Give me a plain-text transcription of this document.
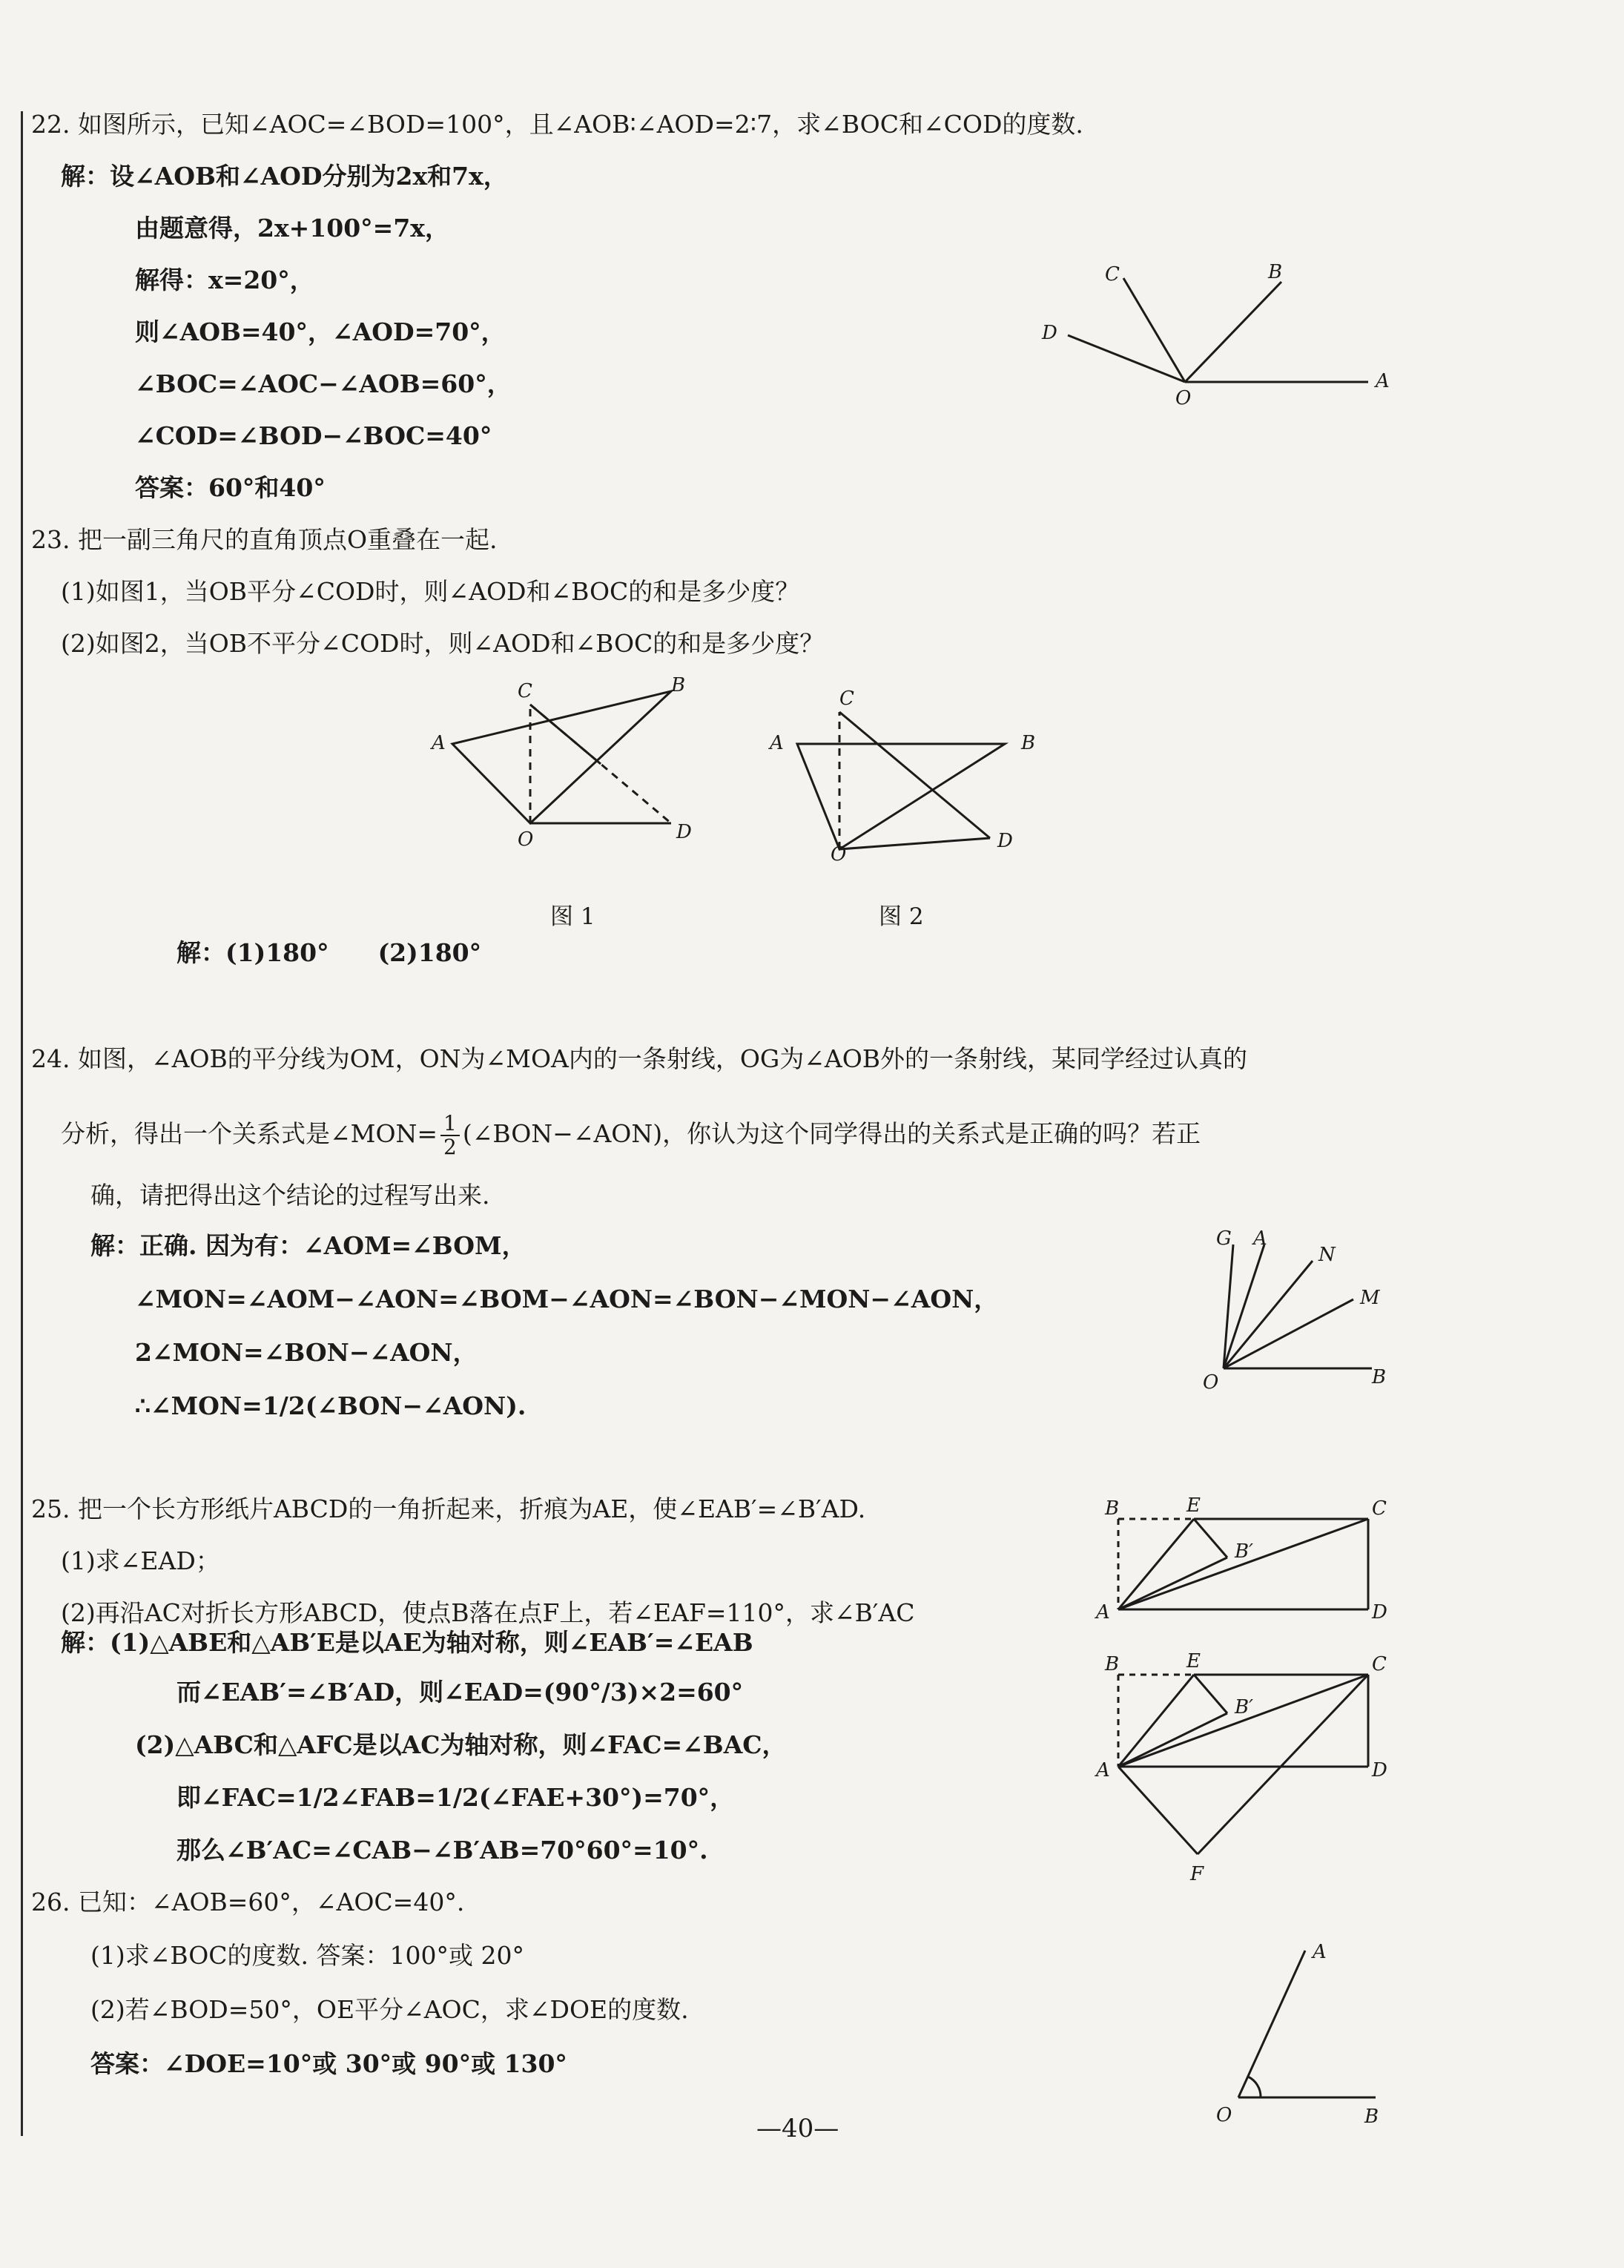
22. 如图所示，已知∠AOC=∠BOD=100°，且∠AOB∶∠AOD=2∶7，求∠BOC和∠COD的度数.
解：设∠AOB和∠AOD分别为2x和7x，
由题意得，2x+100°=7x，
解得：x=20°，
则∠AOB=40°，∠AOD=70°，
∠BOC=∠AOC−∠AOB=60°，
∠COD=∠BOD−∠BOC=40°
答案：60°和40°
C	B
D
O
A
23. 把一副三角尺的直角顶点O重叠在一起.
(1)如图1，当OB平分∠COD时，则∠AOD和∠BOC的和是多少度？
(2)如图2，当OB不平分∠COD时，则∠AOD和∠BOC的和是多少度？
C	B
A
O	D
图 1
C
B
A
O
D
图 2
解：(1)180°　　(2)180°
24. 如图，∠AOB的平分线为OM，ON为∠MOA内的一条射线，OG为∠AOB外的一条射线，某同学经过认真的
分析，得出一个关系式是∠MON= $\frac{1}{2}$ (∠BON−∠AON)，你认为这个同学得出的关系式是正确的吗？若正
确，请把得出这个结论的过程写出来.
解：正确. 因为有：∠AOM=∠BOM，
∠MON=∠AOM−∠AON=∠BOM−∠AON=∠BON−∠MON−∠AON，
2∠MON=∠BON−∠AON，
∴∠MON=1/2(∠BON−∠AON).
G A
N
M
O	B
25. 把一个长方形纸片ABCD的一角折起来，折痕为AE，使∠EAB′=∠B′AD.
(1)求∠EAD；
(2)再沿AC对折长方形ABCD，使点B落在点F上，若∠EAF=110°，求∠B′AC
解：(1)△ABE和△AB′E是以AE为轴对称，则∠EAB′=∠EAB
而∠EAB′=∠B′AD，则∠EAD=(90°/3)×2=60°
(2)△ABC和△AFC是以AC为轴对称，则∠FAC=∠BAC，
即∠FAC=1/2∠FAB=1/2(∠FAE+30°)=70°，
那么∠B′AC=∠CAB−∠B′AB=70°60°=10°.
B	E	C
B′
A	D
B	E	C
B′
A	D
F
26. 已知：∠AOB=60°，∠AOC=40°.
(1)求∠BOC的度数. 答案：100°或 20°
(2)若∠BOD=50°，OE平分∠AOC，求∠DOE的度数.
答案：∠DOE=10°或 30°或 90°或 130°
O
A
B
—40—
